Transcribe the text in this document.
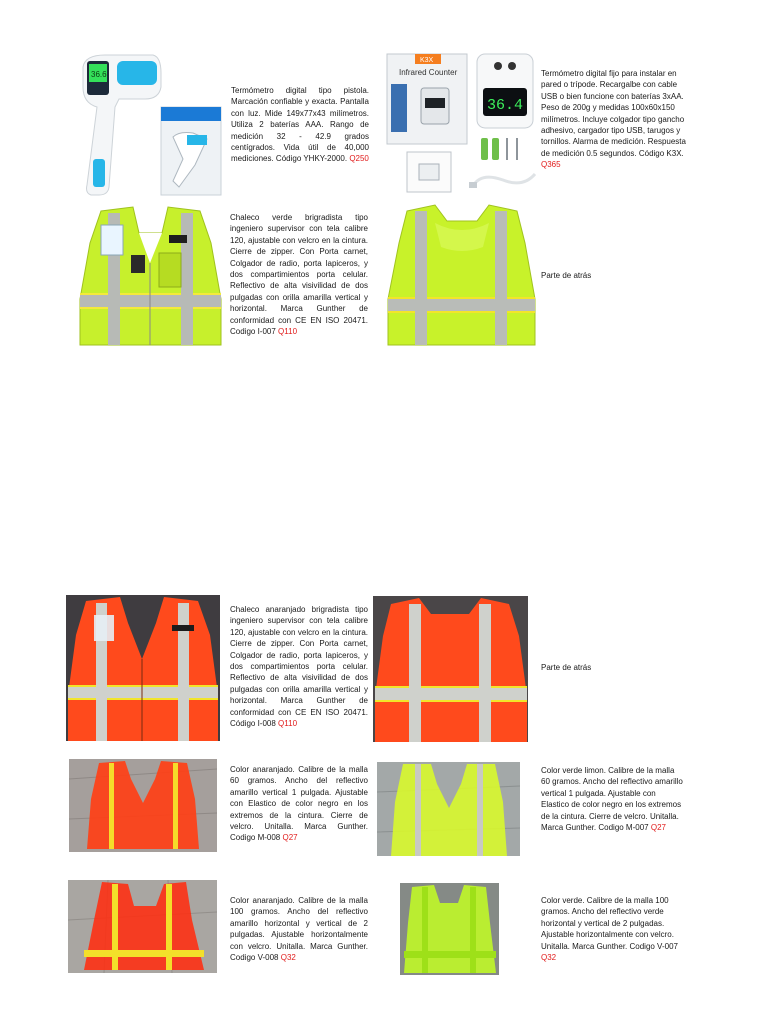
36.6
Termómetro digital tipo pistola. Marcación confiable y exacta. Pantalla con luz. Mide 149x77x43 milímetros. Utiliza 2 baterías AAA. Rango de medición 32 - 42.9 grados centígrados. Vida útil de 40,000 mediciones. Código YHKY-2000. Q250
K3X
Infrared Counter
36.4
Termómetro digital fijo para instalar en pared o trípode. Recargalbe con cable USB o bien funcione con baterías 3xAA. Peso de 200g y medidas 100x60x150 milímetros. Incluye colgador tipo gancho adhesivo, cargador tipo USB, tarugos y tornillos. Alarma de medición. Respuesta de medición 0.5 segundos. Código K3X. Q365
Chaleco verde brigradista tipo ingeniero supervisor con tela calibre 120, ajustable con velcro en la cintura. Cierre de zipper. Con Porta carnet, Colgador de radio, porta lapiceros, y dos compartimientos porta celular. Reflectivo de alta visivilidad de dos pulgadas con orilla amarilla vertical y horizontal. Marca Gunther de conformidad con CE EN ISO 20471. Codigo I-007 Q110
Parte de atrás
Chaleco anaranjado brigradista tipo ingeniero supervisor con tela calibre 120, ajustable con velcro en la cintura. Cierre de zipper. Con Porta carnet, Colgador de radio, porta lapiceros, y dos compartimientos porta celular. Reflectivo de alta visivilidad de dos pulgadas con orilla amarilla vertical y horizontal. Marca Gunther de conformidad con CE EN ISO 20471. Código I-008 Q110
Parte de atrás
Color anaranjado. Calibre de la malla 60 gramos. Ancho del reflectivo amarillo vertical 1 pulgada. Ajustable con Elastico de color negro en los extremos de la cintura. Cierre de velcro. Unitalla. Marca Gunther. Codigo M-008 Q27
Color verde limon. Calibre de la malla 60 gramos. Ancho del reflectivo amarillo vertical 1 pulgada. Ajustable con Elastico de color negro en los extremos de la cintura. Cierre de velcro. Unitalla. Marca Gunther. Codigo M-007 Q27
Color anaranjado. Calibre de la malla 100 gramos. Ancho del reflectivo amarillo horizontal y vertical de 2 pulgadas. Ajustable horizontalmente con velcro. Unitalla. Marca Gunther. Codigo V-008 Q32
Color verde. Calibre de la malla 100 gramos. Ancho del reflectivo verde horizontal y vertical de 2 pulgadas. Ajustable horizontalmente con velcro. Unitalla. Marca Gunther. Codigo V-007 Q32
